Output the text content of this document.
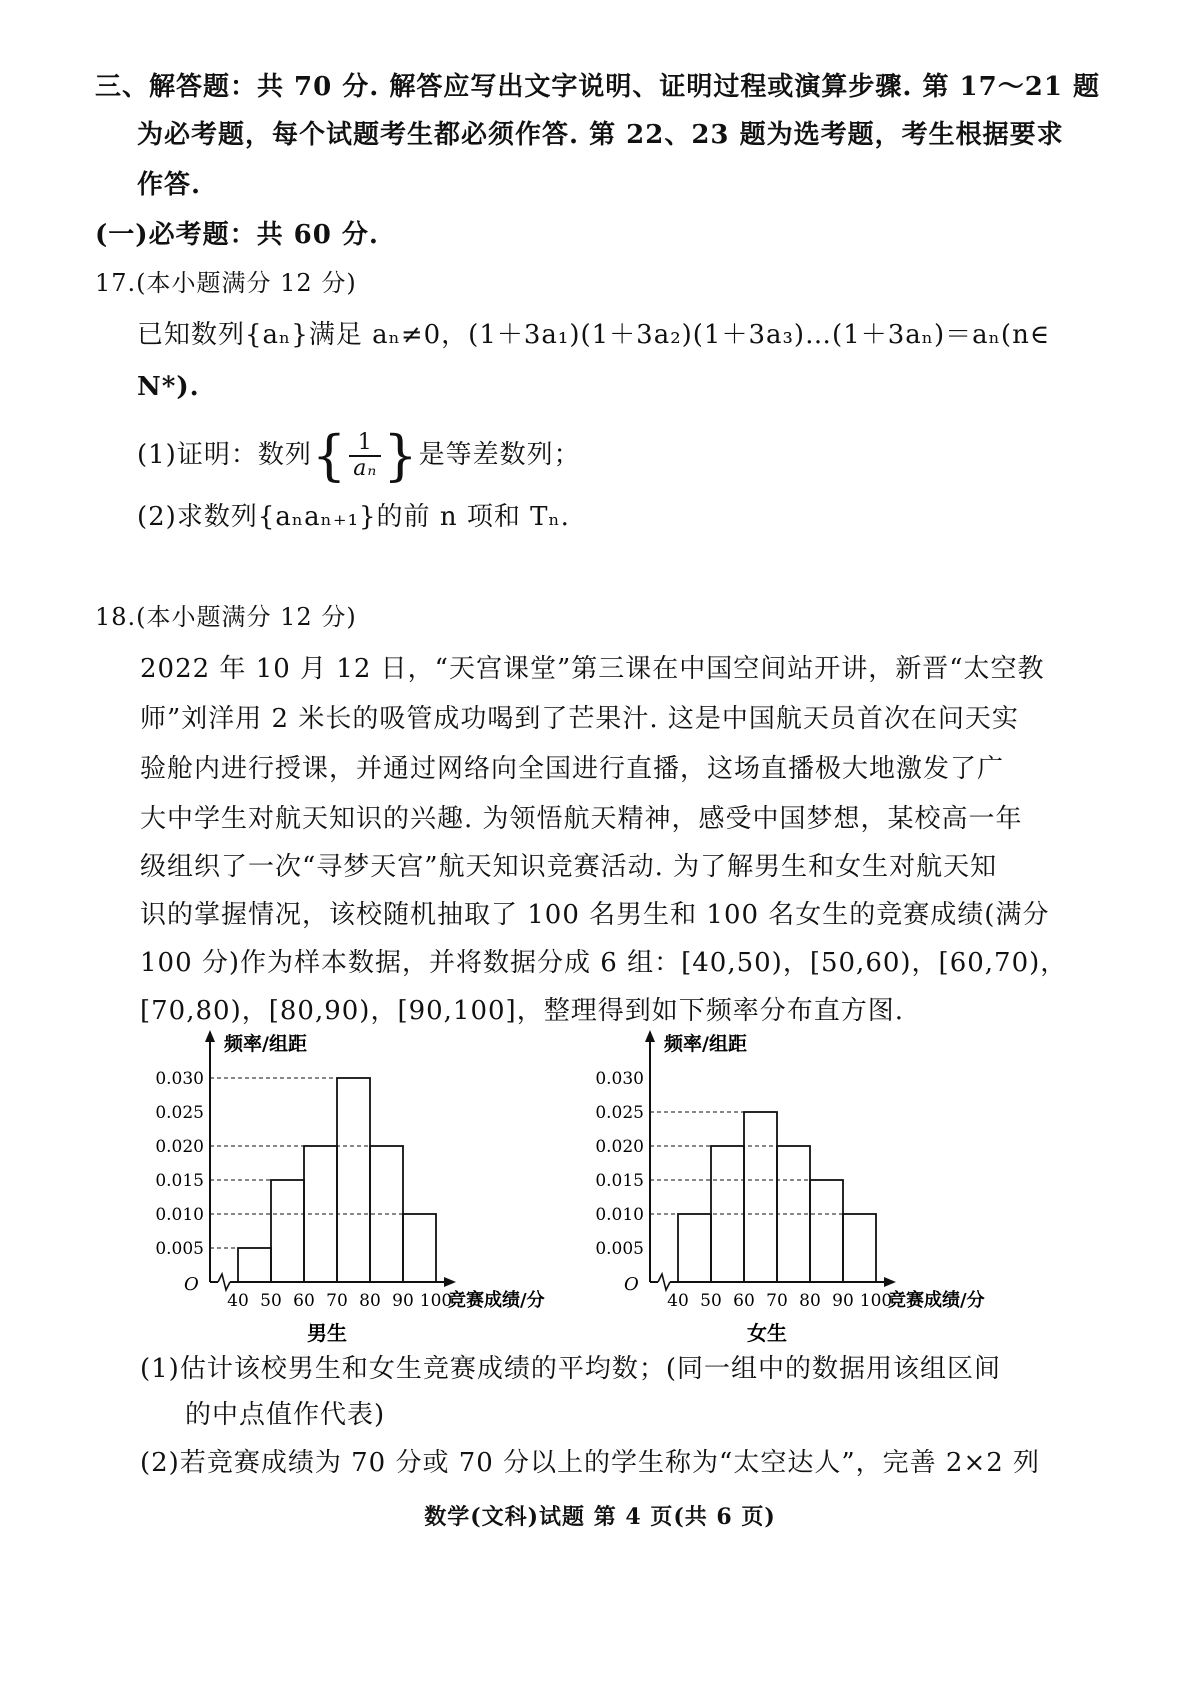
三、解答题：共 70 分. 解答应写出文字说明、证明过程或演算步骤. 第 17～21 题
为必考题，每个试题考生都必须作答. 第 22、23 题为选考题，考生根据要求
作答.
(一)必考题：共 60 分.
17.(本小题满分 12 分)
已知数列{aₙ}满足 aₙ≠0，(1＋3a₁)(1＋3a₂)(1＋3a₃)…(1＋3aₙ)＝aₙ(n∈
N*).
(1)证明：数列{ $\frac{1}{\text{aₙ}}$ }是等差数列；
(2)求数列{aₙaₙ₊₁}的前 n 项和 Tₙ.
18.(本小题满分 12 分)
2022 年 10 月 12 日，“天宫课堂”第三课在中国空间站开讲，新晋“太空教
师”刘洋用 2 米长的吸管成功喝到了芒果汁. 这是中国航天员首次在问天实
验舱内进行授课，并通过网络向全国进行直播，这场直播极大地激发了广
大中学生对航天知识的兴趣. 为领悟航天精神，感受中国梦想，某校高一年
级组织了一次“寻梦天宫”航天知识竞赛活动. 为了解男生和女生对航天知
识的掌握情况，该校随机抽取了 100 名男生和 100 名女生的竞赛成绩(满分
100 分)作为样本数据，并将数据分成 6 组：[40,50)，[50,60)，[60,70)，
[70,80)，[80,90)，[90,100]，整理得到如下频率分布直方图.
O
频率/组距
0.005
0.010
0.015
0.020
0.025
0.030
40 50 60 70 80 90 100
竞赛成绩/分
男生
O
频率/组距
0.005
0.010
0.015
0.020
0.025
0.030
40 50 60 70 80 90 100
竞赛成绩/分
女生
(1)估计该校男生和女生竞赛成绩的平均数；(同一组中的数据用该组区间
的中点值作代表)
(2)若竞赛成绩为 70 分或 70 分以上的学生称为“太空达人”，完善 2×2 列
数学(文科)试题 第 4 页(共 6 页)
